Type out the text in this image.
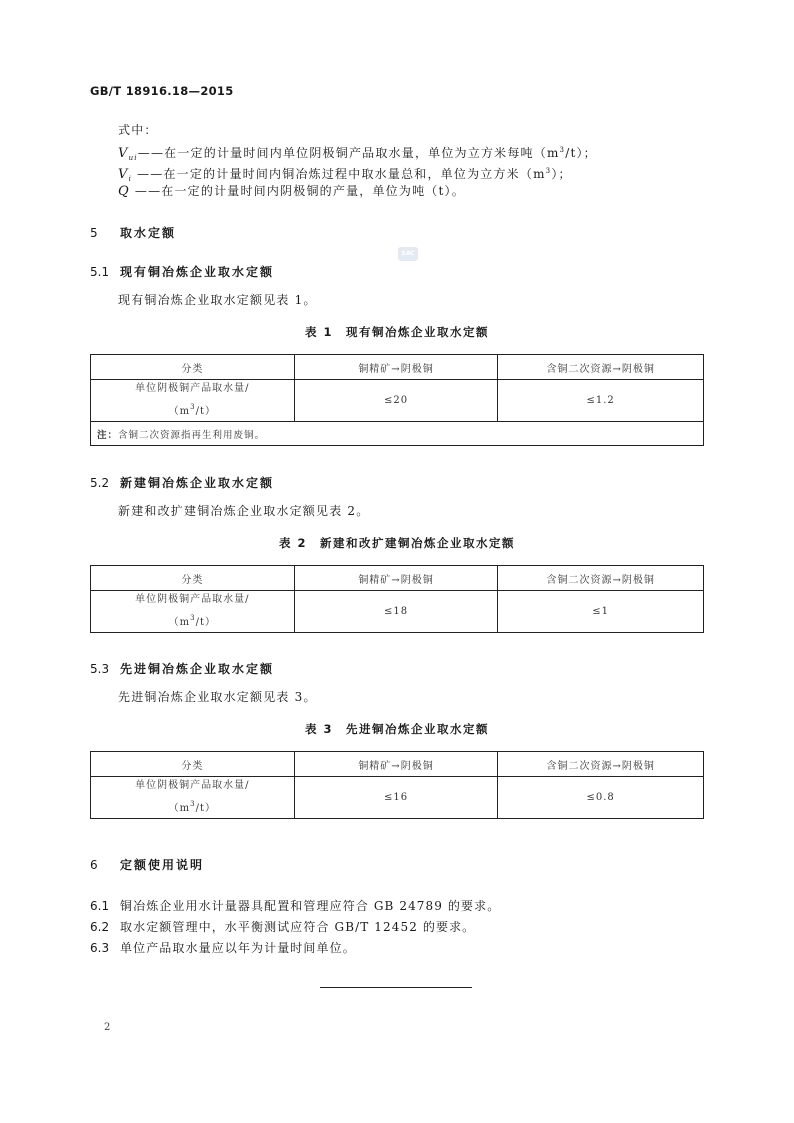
GB/T 18916.18—2015
式中：
$V_{ui}——$在一定的计量时间内单位阴极铜产品取水量，单位为立方米每吨$(m^3/t)$；
$V_i$ ——在一定的计量时间内铜冶炼过程中取水量总和，单位为立方米$(m^3)$；
Q ——在一定的计量时间内阴极铜的产量，单位为吨（t）。
5 取水定额
SAC
5.1 现有铜冶炼企业取水定额
现有铜冶炼企业取水定额见表 1。
表 1　现有铜冶炼企业取水定额
分类	铜精矿→阴极铜	含铜二次资源→阴极铜

单位阴极铜产品取水量/
$(m^3/t)$	≤20	≤1.2
注：含铜二次资源指再生利用废铜。		
5.2 新建铜冶炼企业取水定额
新建和改扩建铜冶炼企业取水定额见表 2。
表 2　新建和改扩建铜冶炼企业取水定额
分类	铜精矿→阴极铜	含铜二次资源→阴极铜

单位阴极铜产品取水量/
$(m^3/t)$	≤18	≤1
5.3 先进铜冶炼企业取水定额
先进铜冶炼企业取水定额见表 3。
表 3　先进铜冶炼企业取水定额
分类	铜精矿→阴极铜	含铜二次资源→阴极铜

单位阴极铜产品取水量/
$(m^3/t)$	≤16	≤0.8
6 定额使用说明
6.1 铜冶炼企业用水计量器具配置和管理应符合 GB 24789 的要求。
6.2 取水定额管理中，水平衡测试应符合 GB/T 12452 的要求。
6.3 单位产品取水量应以年为计量时间单位。
2
